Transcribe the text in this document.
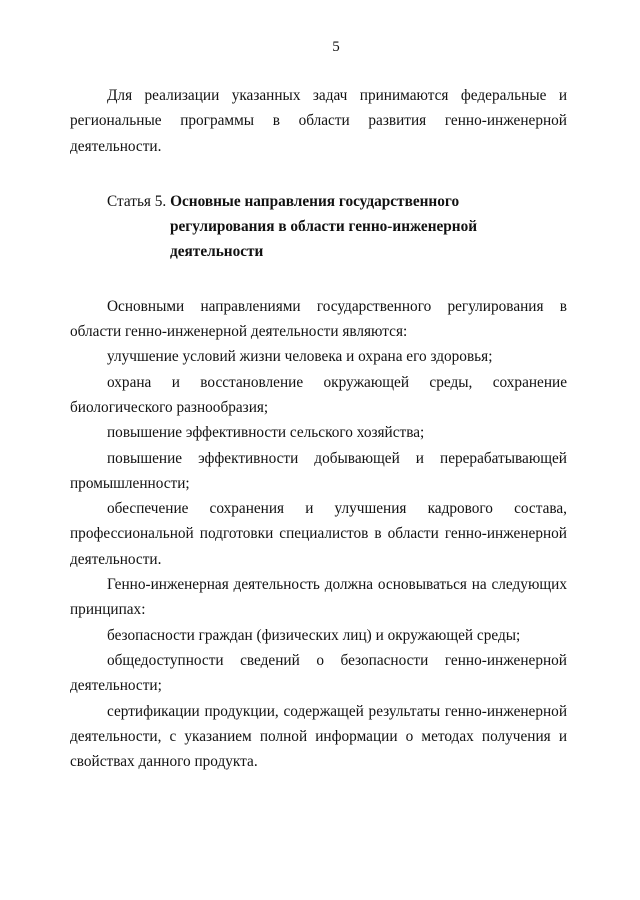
5

Для реализации указанных задач принимаются федеральные и региональные программы в области развития генно-инженерной деятельности.

Статья 5. Основные направления государственного
регулирования в области генно-инженерной
деятельности

Основными направлениями государственного регулирования в области генно-инженерной деятельности являются:

улучшение условий жизни человека и охрана его здоровья;

охрана и восстановление окружающей среды, сохранение биологического разнообразия;

повышение эффективности сельского хозяйства;

повышение эффективности добывающей и перерабатывающей промышленности;

обеспечение сохранения и улучшения кадрового состава, профессиональной подготовки специалистов в области генно-инженерной деятельности.

Генно-инженерная деятельность должна основываться на следующих принципах:

безопасности граждан (физических лиц) и окружающей среды;

общедоступности сведений о безопасности генно-инженерной деятельности;

сертификации продукции, содержащей результаты генно-инженерной деятельности, с указанием полной информации о методах получения и свойствах данного продукта.
